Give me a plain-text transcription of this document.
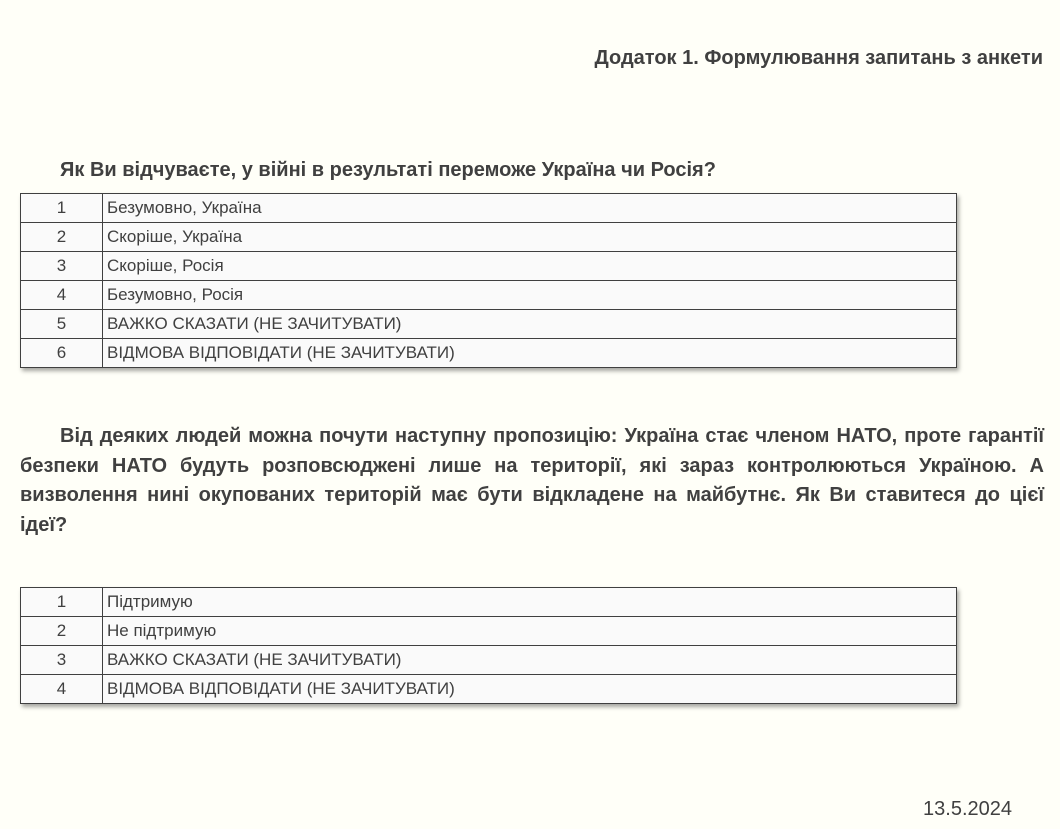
Додаток 1. Формулювання запитань з анкети
Як Ви відчуваєте, у війні в результаті переможе Україна чи Росія?
1	Безумовно, Україна
2	Скоріше, Україна
3	Скоріше, Росія
4	Безумовно, Росія
5	ВАЖКО СКАЗАТИ (НЕ ЗАЧИТУВАТИ)
6	ВІДМОВА ВІДПОВІДАТИ (НЕ ЗАЧИТУВАТИ)

Від деяких людей можна почути наступну пропозицію: Україна стає членом НАТО, проте гарантії безпеки НАТО будуть розповсюджені лише на території, які зараз контролюються Україною. А визволення нині окупованих територій має бути відкладене на майбутнє. Як Ви ставитеся до цієї ідеї?

1	Підтримую
2	Не підтримую
3	ВАЖКО СКАЗАТИ (НЕ ЗАЧИТУВАТИ)
4	ВІДМОВА ВІДПОВІДАТИ (НЕ ЗАЧИТУВАТИ)
13.5.2024
